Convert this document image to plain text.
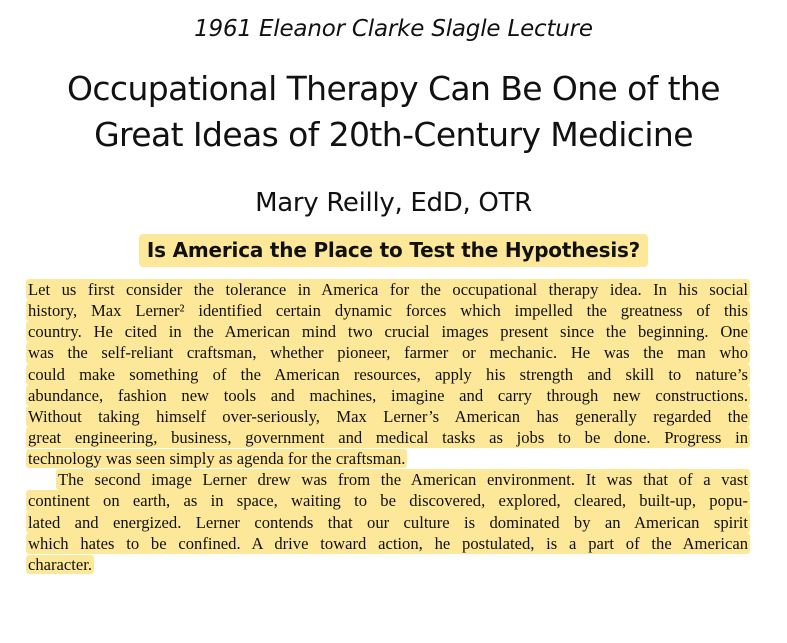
1961 Eleanor Clarke Slagle Lecture
Occupational Therapy Can Be One of the
Great Ideas of 20th-Century Medicine
Mary Reilly, EdD, OTR
Is America the Place to Test the Hypothesis?
Let us first consider the tolerance in America for the occupational therapy idea. In his social
history, Max Lerner² identified certain dynamic forces which impelled the greatness of this
country. He cited in the American mind two crucial images present since the beginning. One
was the self-reliant craftsman, whether pioneer, farmer or mechanic. He was the man who
could make something of the American resources, apply his strength and skill to nature’s
abundance, fashion new tools and machines, imagine and carry through new constructions.
Without taking himself over-seriously, Max Lerner’s American has generally regarded the
great engineering, business, government and medical tasks as jobs to be done. Progress in
technology was seen simply as agenda for the craftsman.
The second image Lerner drew was from the American environment. It was that of a vast
continent on earth, as in space, waiting to be discovered, explored, cleared, built-up, popu-
lated and energized. Lerner contends that our culture is dominated by an American spirit
which hates to be confined. A drive toward action, he postulated, is a part of the American
character.
